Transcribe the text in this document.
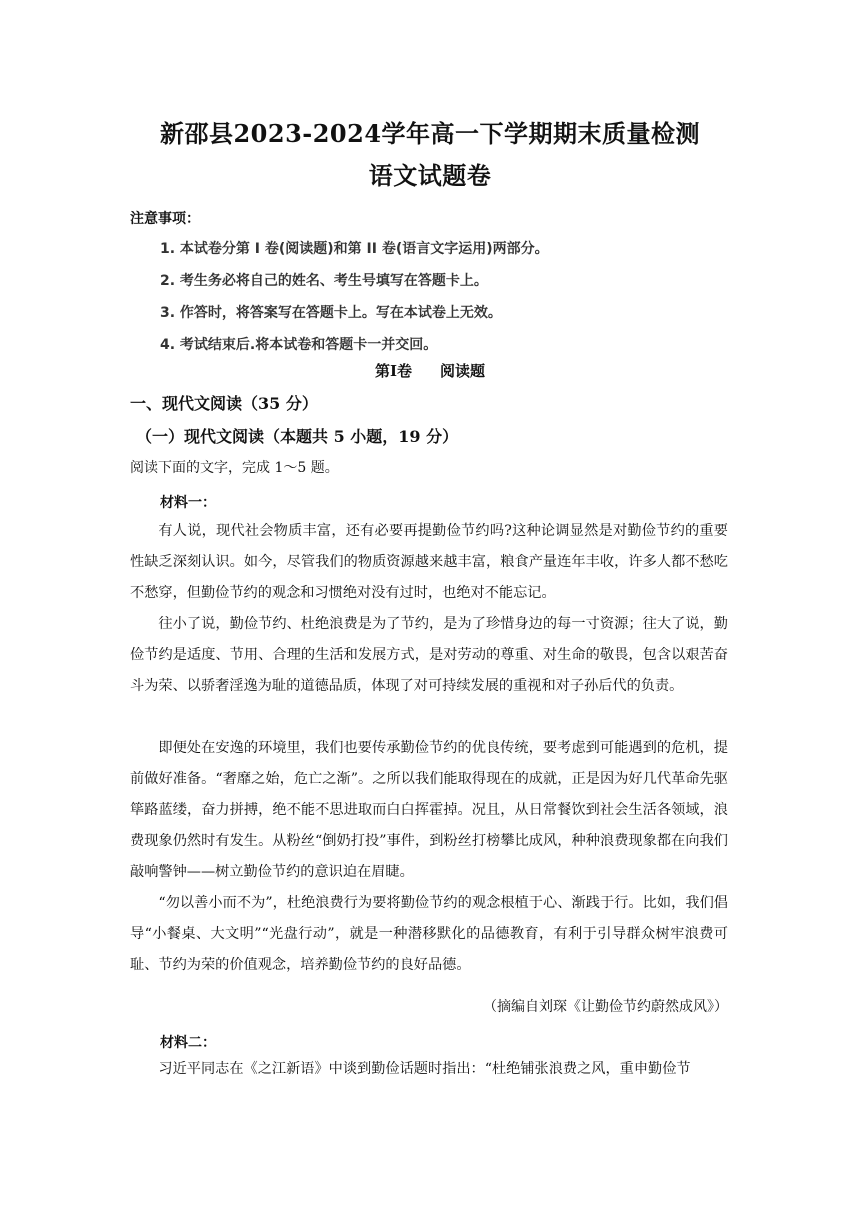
新邵县2023-2024学年高一下学期期末质量检测
语文试题卷
注意事项：
1. 本试卷分第 I 卷(阅读题)和第 II 卷(语言文字运用)两部分。
2. 考生务必将自己的姓名、考生号填写在答题卡上。
3. 作答时，将答案写在答题卡上。写在本试卷上无效。
4. 考试结束后.将本试卷和答题卡一并交回。
第Ⅰ卷 阅读题
一、现代文阅读（35 分）
（一）现代文阅读（本题共 5 小题，19 分）
阅读下面的文字，完成 1～5 题。
材料一：

有人说，现代社会物质丰富，还有必要再提勤俭节约吗?这种论调显然是对勤俭节约的重要性缺乏深刻认识。如今，尽管我们的物质资源越来越丰富，粮食产量连年丰收，许多人都不愁吃不愁穿，但勤俭节约的观念和习惯绝对没有过时，也绝对不能忘记。

往小了说，勤俭节约、杜绝浪费是为了节约，是为了珍惜身边的每一寸资源；往大了说，勤俭节约是适度、节用、合理的生活和发展方式，是对劳动的尊重、对生命的敬畏，包含以艰苦奋斗为荣、以骄奢淫逸为耻的道德品质，体现了对可持续发展的重视和对子孙后代的负责。

即便处在安逸的环境里，我们也要传承勤俭节约的优良传统，要考虑到可能遇到的危机，提前做好准备。“奢靡之始，危亡之渐”。之所以我们能取得现在的成就，正是因为好几代革命先驱筚路蓝缕，奋力拼搏，绝不能不思进取而白白挥霍掉。况且，从日常餐饮到社会生活各领域，浪费现象仍然时有发生。从粉丝“倒奶打投”事件，到粉丝打榜攀比成风，种种浪费现象都在向我们敲响警钟——树立勤俭节约的意识迫在眉睫。

“勿以善小而不为”，杜绝浪费行为要将勤俭节约的观念根植于心、渐践于行。比如，我们倡导“小餐桌、大文明”“光盘行动”，就是一种潜移默化的品德教育，有利于引导群众树牢浪费可耻、节约为荣的价值观念，培养勤俭节约的良好品德。

（摘编自刘琛《让勤俭节约蔚然成风》）
材料二：

习近平同志在《之江新语》中谈到勤俭话题时指出：“杜绝铺张浪费之风，重申勤俭节
